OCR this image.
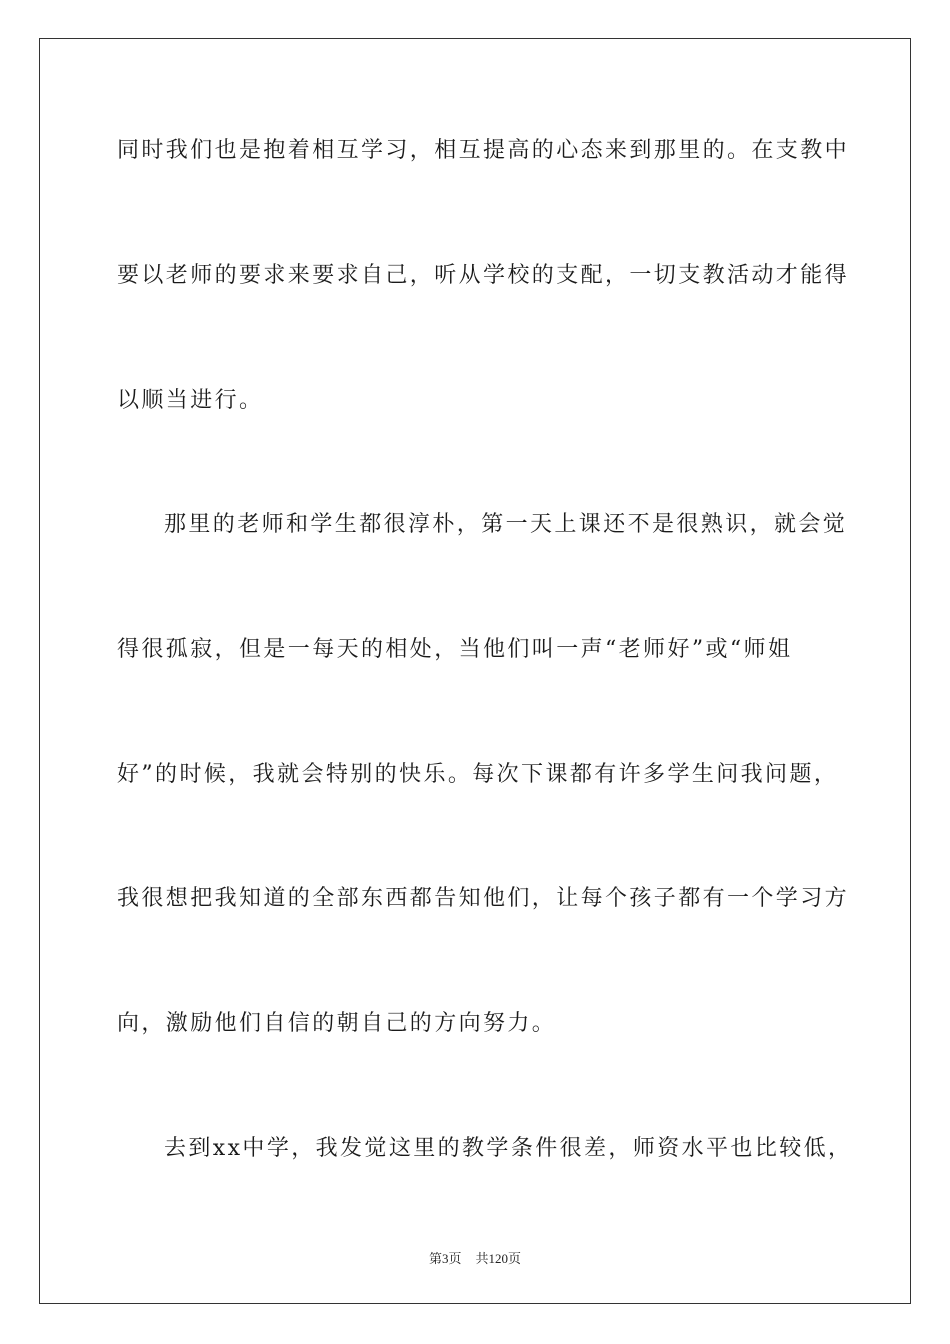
同时我们也是抱着相互学习，相互提高的心态来到那里的。在支教中
要以老师的要求来要求自己，听从学校的支配，一切支教活动才能得
以顺当进行。
那里的老师和学生都很淳朴，第一天上课还不是很熟识，就会觉
得很孤寂，但是一每天的相处，当他们叫一声“老师好”或“师姐
好”的时候，我就会特别的快乐。每次下课都有许多学生问我问题，
我很想把我知道的全部东西都告知他们，让每个孩子都有一个学习方
向，激励他们自信的朝自己的方向努力。
去到xx中学，我发觉这里的教学条件很差，师资水平也比较低，
第3页 共120页
